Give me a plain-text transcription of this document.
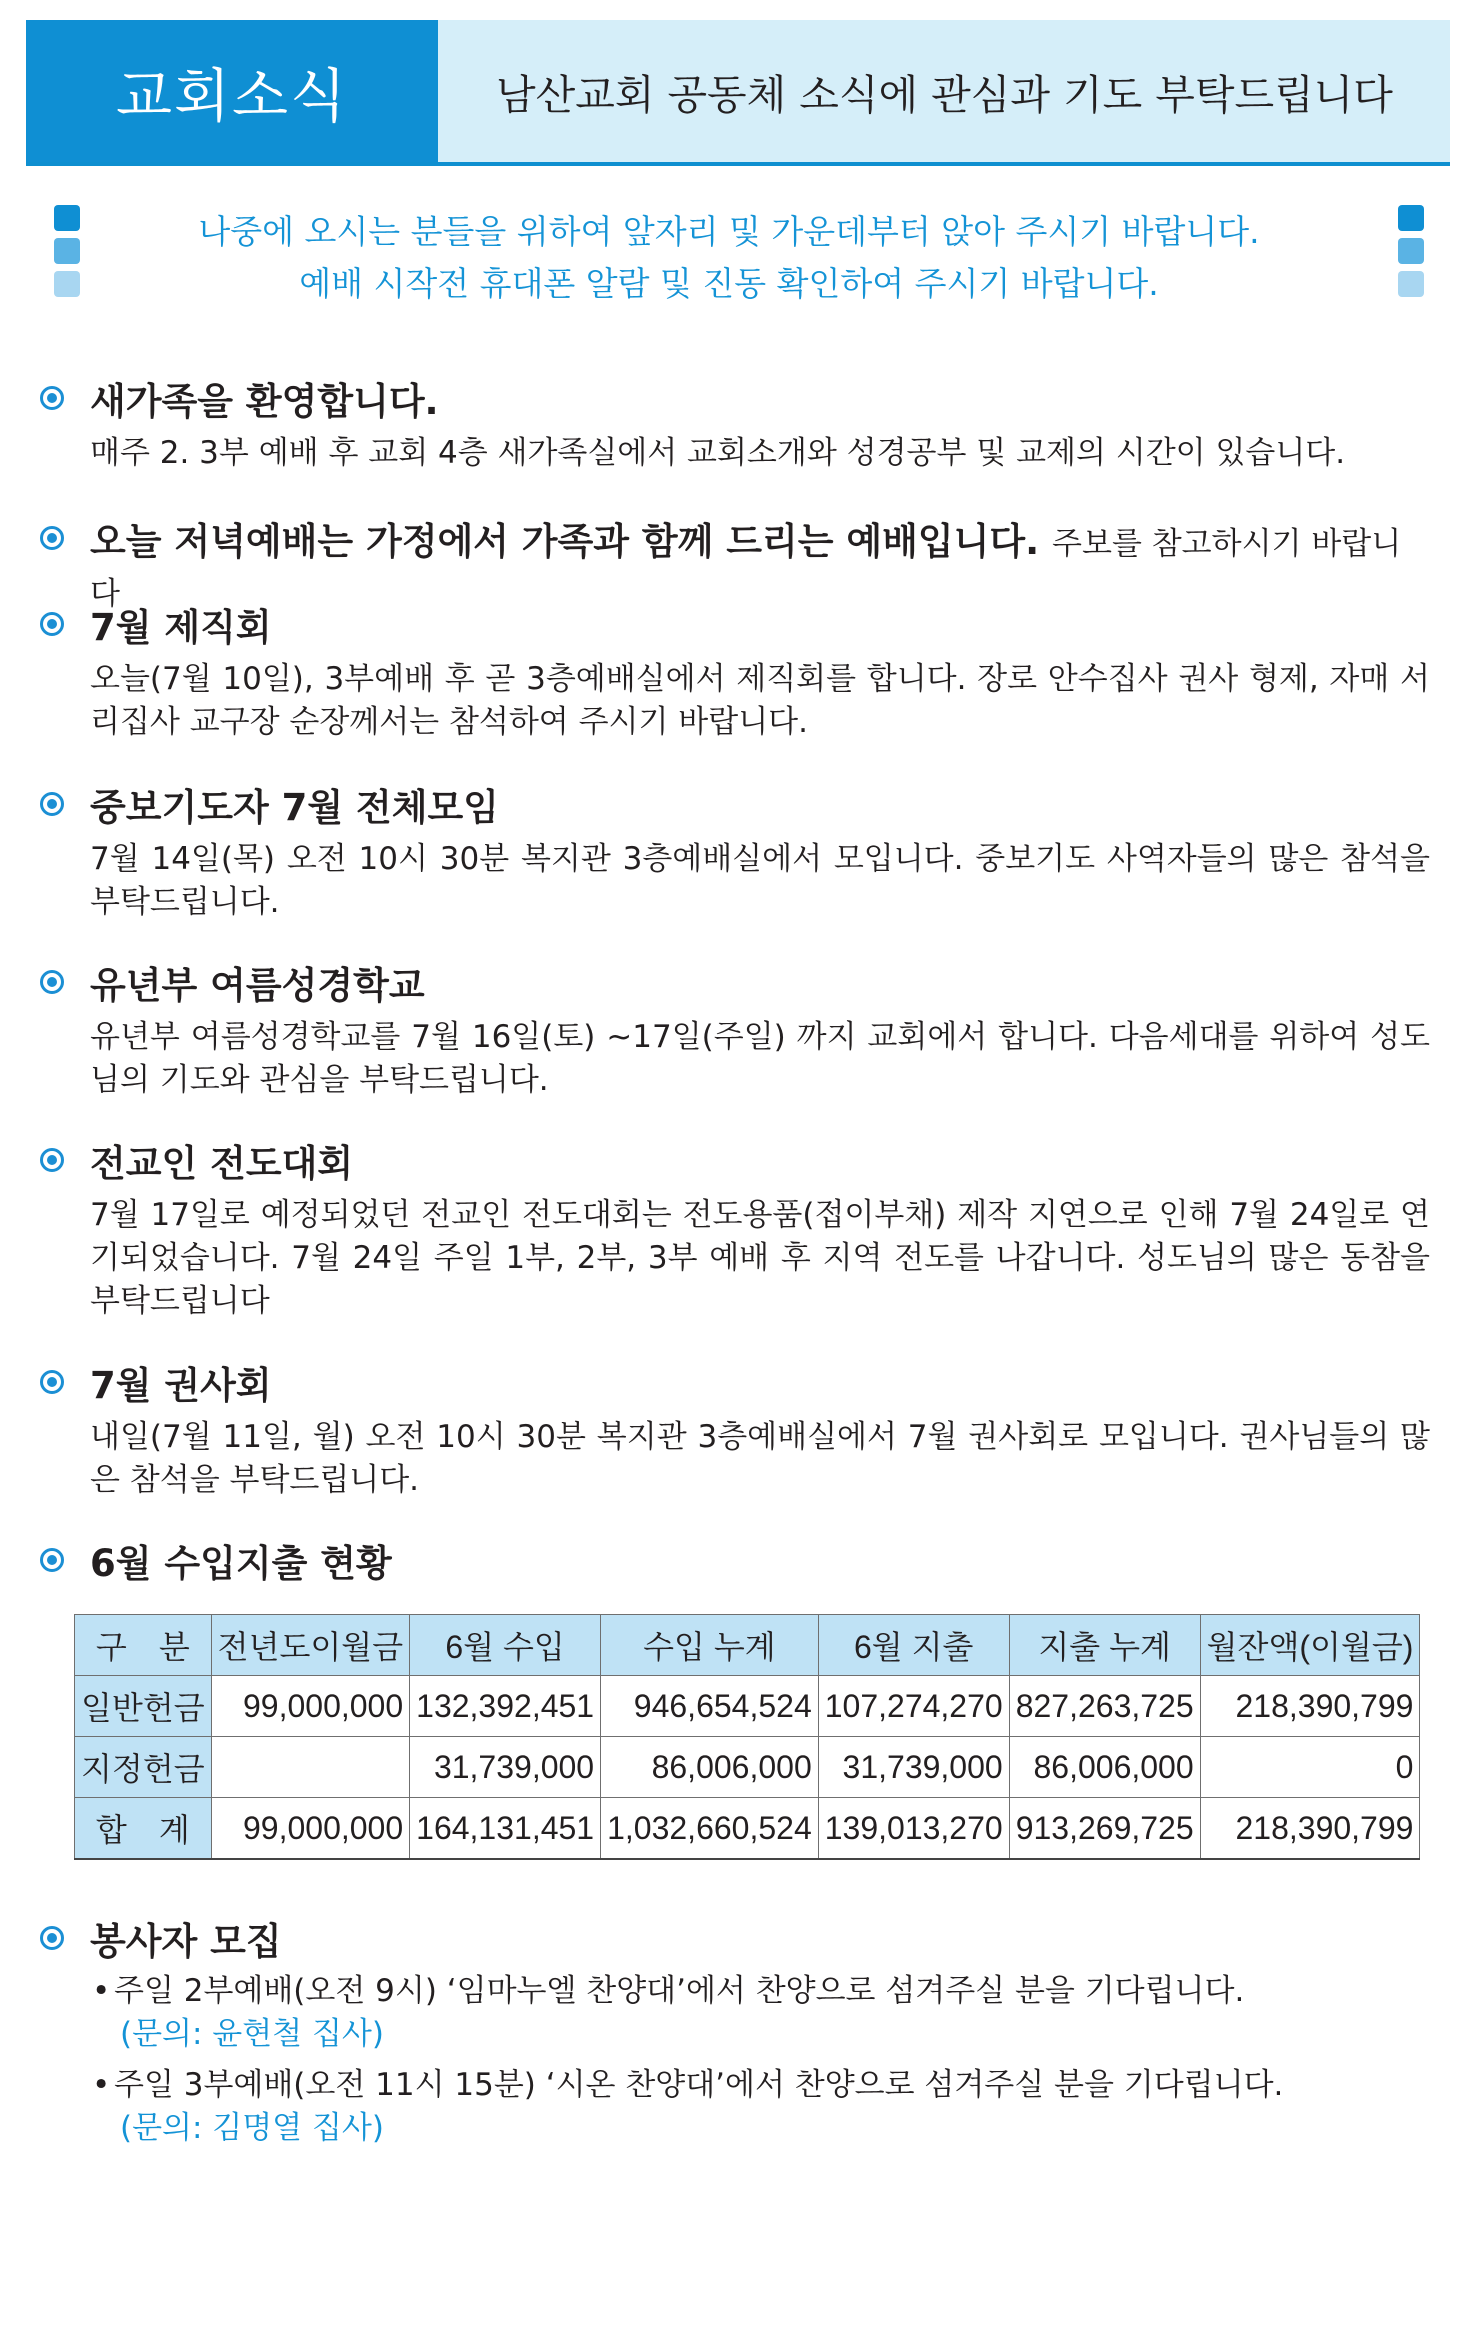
교회소식	남산교회 공동체 소식에 관심과 기도 부탁드립니다
나중에 오시는 분들을 위하여 앞자리 및 가운데부터 앉아 주시기 바랍니다.
예배 시작전 휴대폰 알람 및 진동 확인하여 주시기 바랍니다.
새가족을 환영합니다.
매주 2. 3부 예배 후 교회 4층 새가족실에서 교회소개와 성경공부 및 교제의 시간이 있습니다.
오늘 저녁예배는 가정에서 가족과 함께 드리는 예배입니다. 주보를 참고하시기 바랍니다
7월 제직회
오늘(7월 10일), 3부예배 후 곧 3층예배실에서 제직회를 합니다. 장로 안수집사 권사 형제, 자매 서리집사 교구장 순장께서는 참석하여 주시기 바랍니다.
중보기도자 7월 전체모임
7월 14일(목) 오전 10시 30분 복지관 3층예배실에서 모입니다. 중보기도 사역자들의 많은 참석을 부탁드립니다.
유년부 여름성경학교
유년부 여름성경학교를 7월 16일(토) ~17일(주일) 까지 교회에서 합니다. 다음세대를 위하여 성도님의 기도와 관심을 부탁드립니다.
전교인 전도대회
7월 17일로 예정되었던 전교인 전도대회는 전도용품(접이부채) 제작 지연으로 인해 7월 24일로 연기되었습니다. 7월 24일 주일 1부, 2부, 3부 예배 후 지역 전도를 나갑니다. 성도님의 많은 동참을 부탁드립니다
7월 권사회
내일(7월 11일, 월) 오전 10시 30분 복지관 3층예배실에서 7월 권사회로 모입니다. 권사님들의 많은 참석을 부탁드립니다.
6월 수입지출 현황
구　분	전년도이월금	6월 수입	수입 누계	6월 지출	지출 누계	월잔액(이월금)
일반헌금	99,000,000	132,392,451	946,654,524	107,274,270	827,263,725	218,390,799
지정헌금		31,739,000	86,006,000	31,739,000	86,006,000	0
합　계	99,000,000	164,131,451	1,032,660,524	139,013,270	913,269,725	218,390,799
봉사자 모집
• 주일 2부예배(오전 9시) ‘임마누엘 찬양대’에서 찬양으로 섬겨주실 분을 기다립니다.
(문의: 윤현철 집사)
• 주일 3부예배(오전 11시 15분) ‘시온 찬양대’에서 찬양으로 섬겨주실 분을 기다립니다.
(문의: 김명열 집사)
